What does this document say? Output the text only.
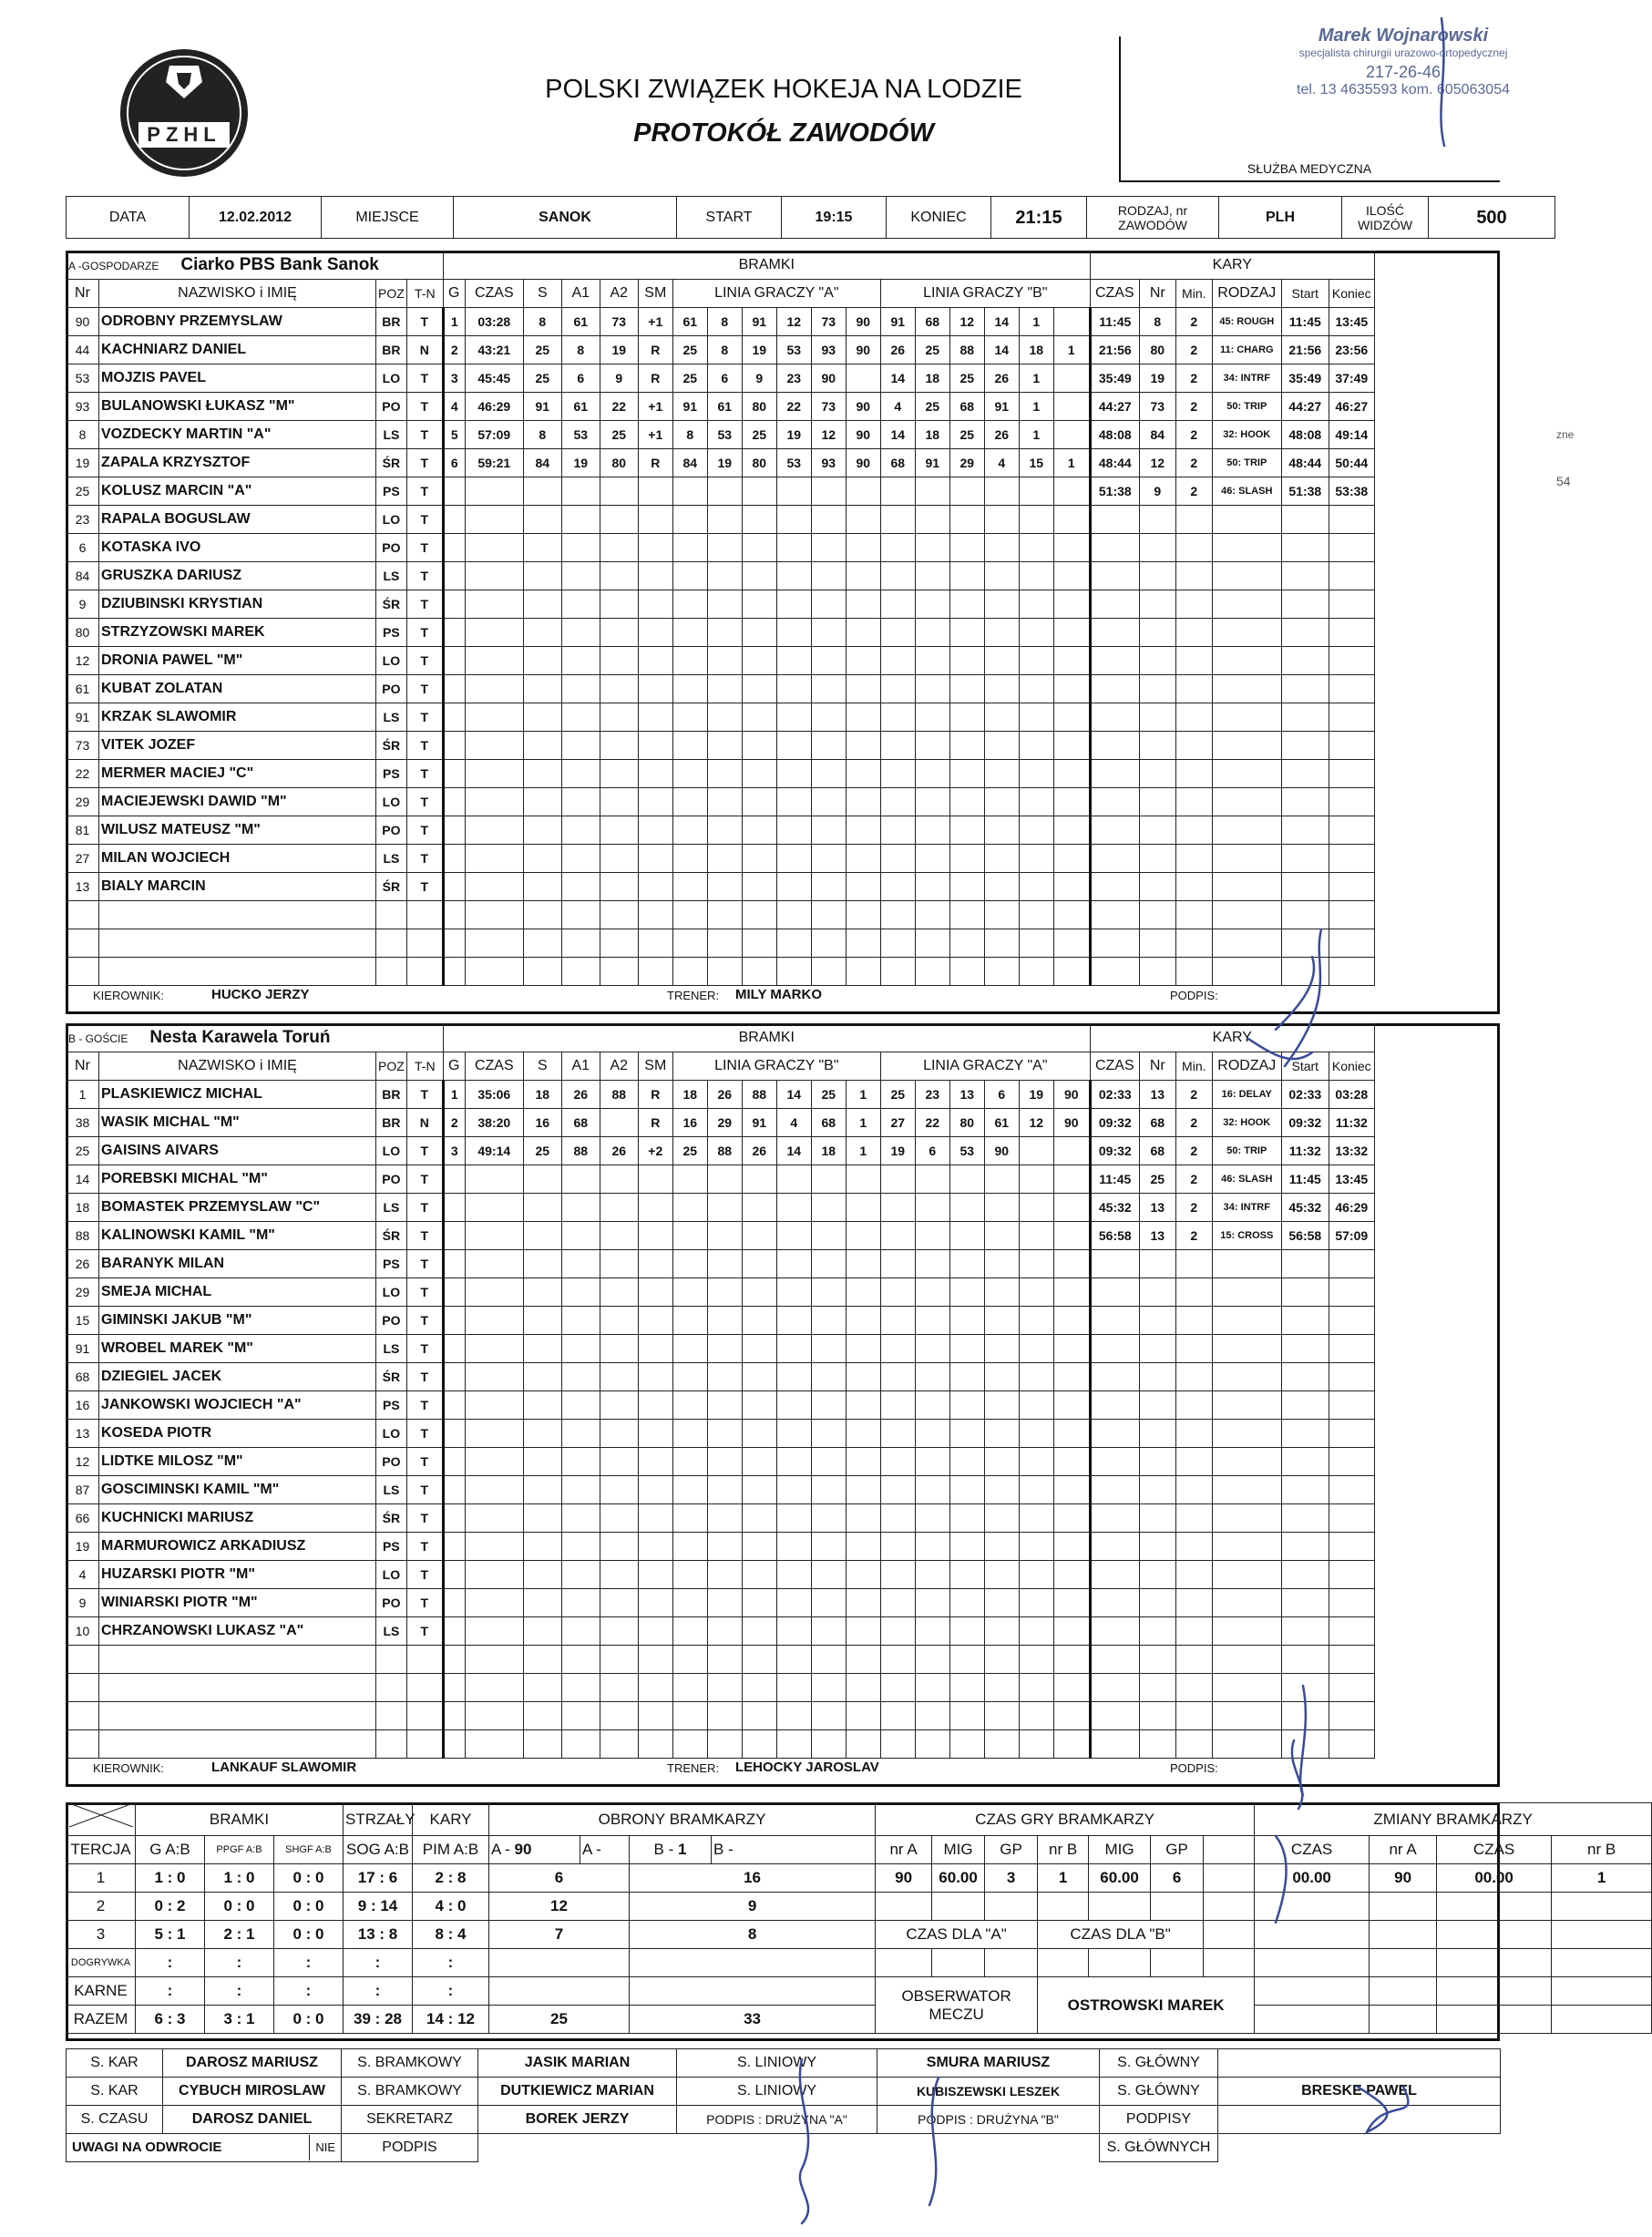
PZHL
POLSKI ZWIĄZEK HOKEJA NA LODZIE
PROTOKÓŁ ZAWODÓW
SŁUŻBA MEDYCZNA
Marek Wojnarowski
specjalista chirurgii urazowo-ortopedycznej
217-26-46
tel. 13 4635593 kom. 605063054
DATA	12.02.2012	MIEJSCE	SANOK	START	19:15	KONIEC	21:15	RODZAJ, nr ZAWODÓW	PLH	ILOŚĆ WIDZÓW	500
A -GOSPODARZE Ciarko PBS Bank Sanok				BRAMKI																		KARY					
Nr	NAZWISKO i IMIĘ	POZ	T-N	G	CZAS	S	A1	A2	SM	LINIA GRACZY "A"						LINIA GRACZY "B"						CZAS	Nr	Min.	RODZAJ	Start	Koniec
90	ODROBNY PRZEMYSLAW	BR	T	1	03:28	8	61	73	+1	61	8	91	12	73	90	91	68	12	14	1		11:45	8	2	45: ROUGH	11:45	13:45
44	KACHNIARZ DANIEL	BR	N	2	43:21	25	8	19	R	25	8	19	53	93	90	26	25	88	14	18	1	21:56	80	2	11: CHARG	21:56	23:56
53	MOJZIS PAVEL	LO	T	3	45:45	25	6	9	R	25	6	9	23	90		14	18	25	26	1		35:49	19	2	34: INTRF	35:49	37:49
93	BULANOWSKI ŁUKASZ "M"	PO	T	4	46:29	91	61	22	+1	91	61	80	22	73	90	4	25	68	91	1		44:27	73	2	50: TRIP	44:27	46:27
8	VOZDECKY MARTIN "A"	LS	T	5	57:09	8	53	25	+1	8	53	25	19	12	90	14	18	25	26	1		48:08	84	2	32: HOOK	48:08	49:14
19	ZAPALA KRZYSZTOF	ŚR	T	6	59:21	84	19	80	R	84	19	80	53	93	90	68	91	29	4	15	1	48:44	12	2	50: TRIP	48:44	50:44
25	KOLUSZ MARCIN "A"	PS	T																			51:38	9	2	46: SLASH	51:38	53:38
23	RAPALA BOGUSLAW	LO	T																								
6	KOTASKA IVO	PO	T																								
84	GRUSZKA DARIUSZ	LS	T																								
9	DZIUBINSKI KRYSTIAN	ŚR	T																								
80	STRZYZOWSKI MAREK	PS	T																								
12	DRONIA PAWEL "M"	LO	T																								
61	KUBAT ZOLATAN	PO	T																								
91	KRZAK SLAWOMIR	LS	T																								
73	VITEK JOZEF	ŚR	T																								
22	MERMER MACIEJ "C"	PS	T																								
29	MACIEJEWSKI DAWID "M"	LO	T																								
81	WILUSZ MATEUSZ "M"	PO	T																								
27	MILAN WOJCIECH	LS	T																								
13	BIALY MARCIN	ŚR	T																								

KIEROWNIK:	HUCKO JERZY	TRENER: MILY MARKO	PODPIS:
B - GOŚCIE Nesta Karawela Toruń				BRAMKI																		KARY					
Nr	NAZWISKO i IMIĘ	POZ	T-N	G	CZAS	S	A1	A2	SM	LINIA GRACZY "B"						LINIA GRACZY "A"						CZAS	Nr	Min.	RODZAJ	Start	Koniec
1	PLASKIEWICZ MICHAL	BR	T	1	35:06	18	26	88	R	18	26	88	14	25	1	25	23	13	6	19	90	02:33	13	2	16: DELAY	02:33	03:28
38	WASIK MICHAL "M"	BR	N	2	38:20	16	68		R	16	29	91	4	68	1	27	22	80	61	12	90	09:32	68	2	32: HOOK	09:32	11:32
25	GAISINS AIVARS	LO	T	3	49:14	25	88	26	+2	25	88	26	14	18	1	19	6	53	90			09:32	68	2	50: TRIP	11:32	13:32
14	POREBSKI MICHAL "M"	PO	T																			11:45	25	2	46: SLASH	11:45	13:45
18	BOMASTEK PRZEMYSLAW "C"	LS	T																			45:32	13	2	34: INTRF	45:32	46:29
88	KALINOWSKI KAMIL "M"	ŚR	T																			56:58	13	2	15: CROSS	56:58	57:09
26	BARANYK MILAN	PS	T																								
29	SMEJA MICHAL	LO	T																								
15	GIMINSKI JAKUB "M"	PO	T																								
91	WROBEL MAREK "M"	LS	T																								
68	DZIEGIEL JACEK	ŚR	T																								
16	JANKOWSKI WOJCIECH "A"	PS	T																								
13	KOSEDA PIOTR	LO	T																								
12	LIDTKE MILOSZ "M"	PO	T																								
87	GOSCIMINSKI KAMIL "M"	LS	T																								
66	KUCHNICKI MARIUSZ	ŚR	T																								
19	MARMUROWICZ ARKADIUSZ	PS	T																								
4	HUZARSKI PIOTR "M"	LO	T																								
9	WINIARSKI PIOTR "M"	PO	T																								
10	CHRZANOWSKI LUKASZ "A"	LS	T																								

KIEROWNIK:	LANKAUF SLAWOMIR	TRENER: LEHOCKY JAROSLAV	PODPIS:
	BRAMKI			STRZAŁY	KARY	OBRONY BRAMKARZY				CZAS GRY BRAMKARZY							ZMIANY BRAMKARZY			
TERCJA	G A:B	PPGF A:B	SHGF A:B	SOG A:B	PIM A:B	A - 90	A -	B - 1	B -	nr A	MIG	GP	nr B	MIG	GP		CZAS	nr A	CZAS	nr B
1	1 : 0	1 : 0	0 : 0	17 : 6	2 : 8	6		16		90	60.00	3	1	60.00	6		00.00	90	00.00	1
2	0 : 2	0 : 0	0 : 0	9 : 14	4 : 0	12		9												
3	5 : 1	2 : 1	0 : 0	13 : 8	8 : 4	7		8		CZAS DLA "A"			CZAS DLA "B"							
DOGRYWKA	:	:	:	:	:															
KARNE	:	:	:	:	:					OBSERWATOR MECZU			OSTROWSKI MAREK							
RAZEM	6 : 3	3 : 1	0 : 0	39 : 28	14 : 12	25		33												
S. KAR	DAROSZ MARIUSZ	S. BRAMKOWY	JASIK MARIAN	S. LINIOWY	SMURA MARIUSZ	S. GŁÓWNY	
S. KAR	CYBUCH MIROSLAW	S. BRAMKOWY	DUTKIEWICZ MARIAN	S. LINIOWY	KUBISZEWSKI LESZEK	S. GŁÓWNY	BRESKE PAWEL
S. CZASU	DAROSZ DANIEL	SEKRETARZ	BOREK JERZY	PODPIS : DRUŻYNA "A"	PODPIS : DRUŻYNA "B"	PODPISY	
UWAGI NA ODWROCIE NIE		PODPIS				S. GŁÓWNYCH	
zne
54
